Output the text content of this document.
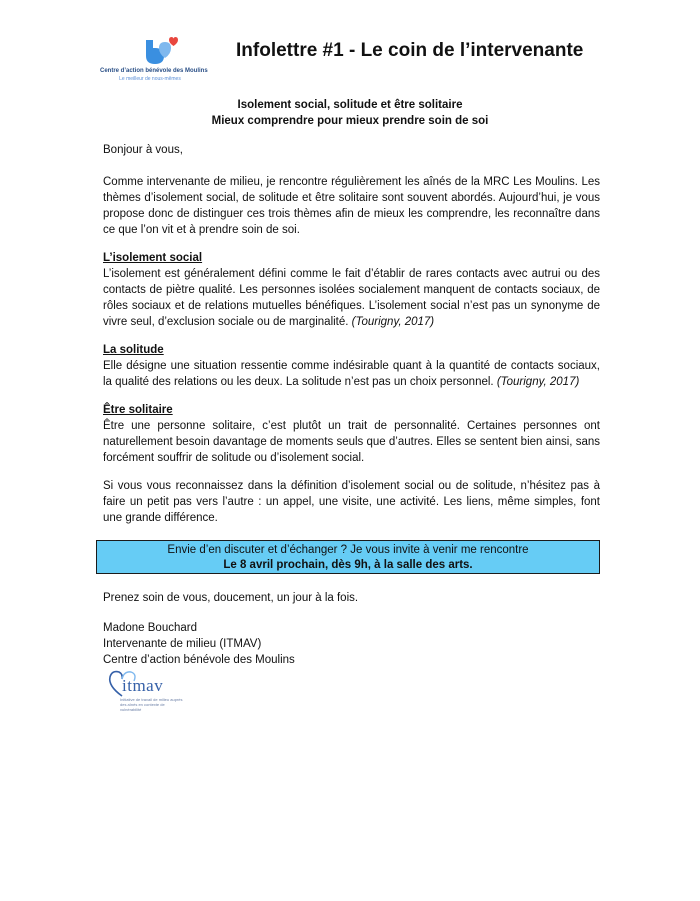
Centre d’action bénévole des Moulins
Le meilleur de nous-mêmes
Infolettre #1 - Le coin de l’intervenante
Isolement social, solitude et être solitaire
Mieux comprendre pour mieux prendre soin de soi

Bonjour à vous,

Comme intervenante de milieu, je rencontre régulièrement les aînés de la MRC Les Moulins. Les thèmes d’isolement social, de solitude et être solitaire sont souvent abordés. Aujourd’hui, je vous propose donc de distinguer ces trois thèmes afin de mieux les comprendre, les reconnaître dans ce que l’on vit et à prendre soin de soi.

L’isolement social

L’isolement est généralement défini comme le fait d’établir de rares contacts avec autrui ou des contacts de piètre qualité. Les personnes isolées socialement manquent de contacts sociaux, de rôles sociaux et de relations mutuelles bénéfiques. L’isolement social n’est pas un synonyme de vivre seul, d’exclusion sociale ou de marginalité. (Tourigny, 2017)

La solitude

Elle désigne une situation ressentie comme indésirable quant à la quantité de contacts sociaux, la qualité des relations ou les deux. La solitude n’est pas un choix personnel. (Tourigny, 2017)

Être solitaire

Être une personne solitaire, c’est plutôt un trait de personnalité. Certaines personnes ont naturellement besoin davantage de moments seuls que d’autres. Elles se sentent bien ainsi, sans forcément souffrir de solitude ou d’isolement social.

Si vous vous reconnaissez dans la définition d’isolement social ou de solitude, n’hésitez pas à faire un petit pas vers l’autre : un appel, une visite, une activité. Les liens, même simples, font une grande différence.

Envie d’en discuter et d’échanger ? Je vous invite à venir me rencontre
Le 8 avril prochain, dès 9h, à la salle des arts.

Prenez soin de vous, doucement, un jour à la fois.

Madone Bouchard

Intervenante de milieu (ITMAV)

Centre d’action bénévole des Moulins

itmav
Initiative de travail de milieu auprès des aînés en contexte de vulnérabilité
